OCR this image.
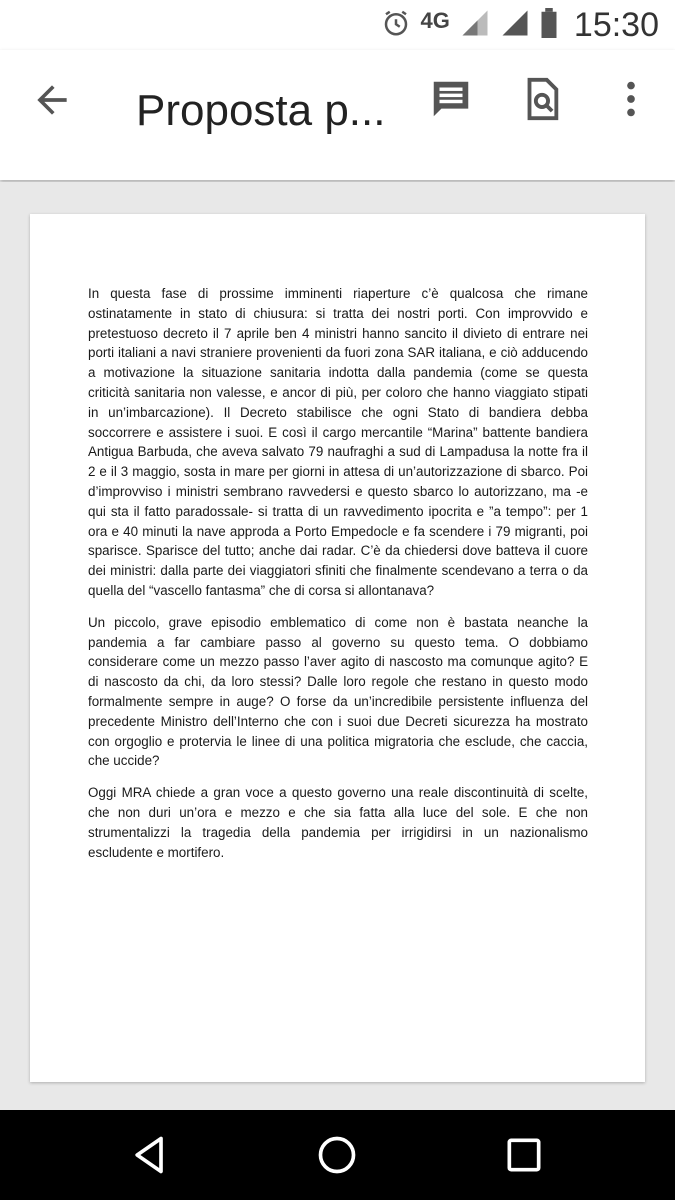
4G	15:30
Proposta p...

In questa fase di prossime imminenti riaperture c’è qualcosa che rimane ostinatamente in stato di chiusura: si tratta dei nostri porti. Con improvvido e pretestuoso decreto il 7 aprile ben 4 ministri hanno sancito il divieto di entrare nei porti italiani a navi straniere provenienti da fuori zona SAR italiana, e ciò adducendo a motivazione la situazione sanitaria indotta dalla pandemia (come se questa criticità sanitaria non valesse, e ancor di più, per coloro che hanno viaggiato stipati in un’imbarcazione). Il Decreto stabilisce che ogni Stato di bandiera debba soccorrere e assistere i suoi. E così il cargo mercantile “Marina” battente bandiera Antigua Barbuda, che aveva salvato 79 naufraghi a sud di Lampadusa la notte fra il 2 e il 3 maggio, sosta in mare per giorni in attesa di un’autorizzazione di sbarco. Poi d’improvviso i ministri sembrano ravvedersi e questo sbarco lo autorizzano, ma -e qui sta il fatto paradossale- si tratta di un ravvedimento ipocrita e ”a tempo”: per 1 ora e 40 minuti la nave approda a Porto Empedocle e fa scendere i 79 migranti, poi sparisce. Sparisce del tutto; anche dai radar. C’è da chiedersi dove batteva il cuore dei ministri: dalla parte dei viaggiatori sfiniti che finalmente scendevano a terra o da quella del “vascello fantasma” che di corsa si allontanava?

Un piccolo, grave episodio emblematico di come non è bastata neanche la pandemia a far cambiare passo al governo su questo tema. O dobbiamo considerare come un mezzo passo l’aver agito di nascosto ma comunque agito? E di nascosto da chi, da loro stessi? Dalle loro regole che restano in questo modo formalmente sempre in auge? O forse da un’incredibile persistente influenza del precedente Ministro dell’Interno che con i suoi due Decreti sicurezza ha mostrato con orgoglio e protervia le linee di una politica migratoria che esclude, che caccia, che uccide?

Oggi MRA chiede a gran voce a questo governo una reale discontinuità di scelte, che non duri un’ora e mezzo e che sia fatta alla luce del sole. E che non strumentalizzi la tragedia della pandemia per irrigidirsi in un nazionalismo escludente e mortifero.
